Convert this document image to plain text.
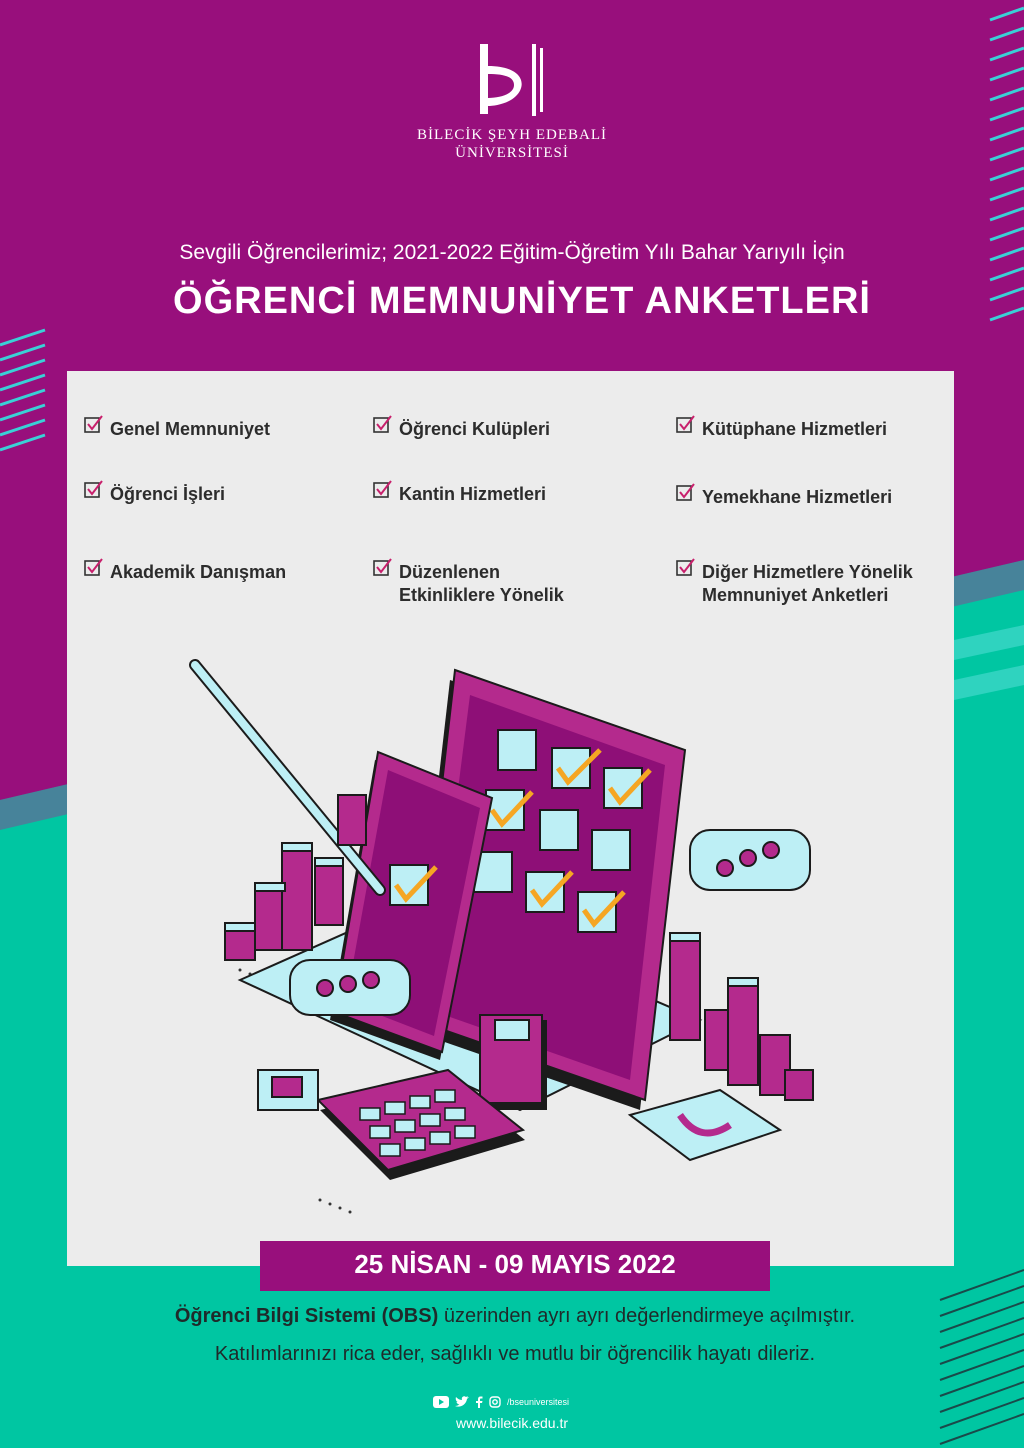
BİLECİK ŞEYH EDEBALİ
ÜNİVERSİTESİ
Sevgili Öğrencilerimiz; 2021-2022 Eğitim-Öğretim Yılı Bahar Yarıyılı İçin
ÖĞRENCİ MEMNUNİYET ANKETLERİ
Genel Memnuniyet
Öğrenci İşleri
Akademik Danışman
Öğrenci Kulüpleri
Kantin Hizmetleri
Düzenlenen Etkinliklere Yönelik
Kütüphane Hizmetleri
Yemekhane Hizmetleri
Diğer Hizmetlere Yönelik Memnuniyet Anketleri
25 NİSAN - 09 MAYIS 2022
Öğrenci Bilgi Sistemi (OBS) üzerinden ayrı ayrı değerlendirmeye açılmıştır.
Katılımlarınızı rica eder, sağlıklı ve mutlu bir öğrencilik hayatı dileriz.
/bseuniversitesi
www.bilecik.edu.tr
